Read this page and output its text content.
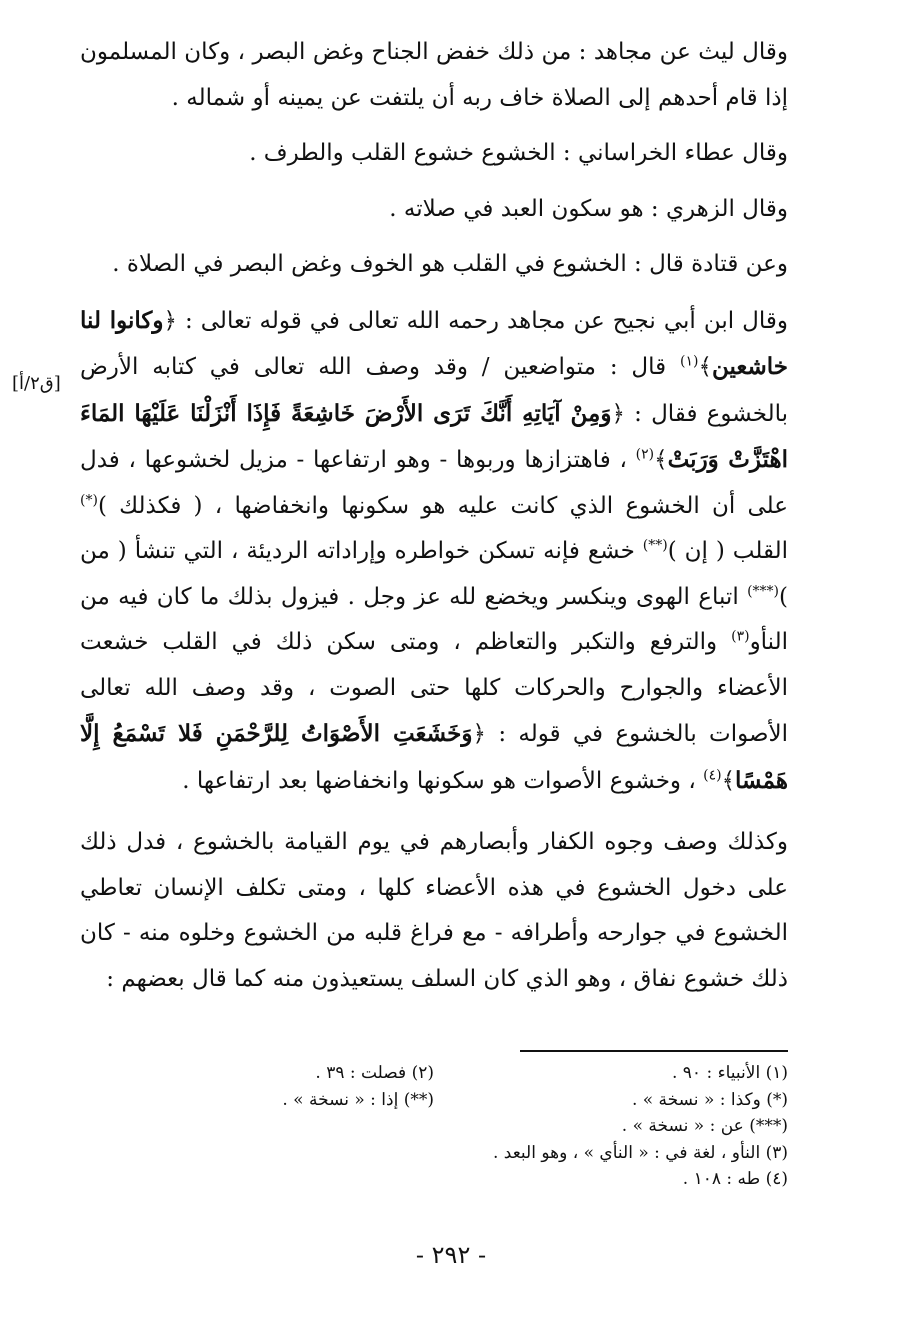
وقال ليث عن مجاهد : من ذلك خفض الجناح وغض البصر ، وكان المسلمون إذا قام أحدهم إلى الصلاة خاف ربه أن يلتفت عن يمينه أو شماله .

وقال عطاء الخراساني : الخشوع خشوع القلب والطرف .

وقال الزهري : هو سكون العبد في صلاته .

وعن قتادة قال : الخشوع في القلب هو الخوف وغض البصر في الصلاة .

وقال ابن أبي نجيح عن مجاهد رحمه الله تعالى في قوله تعالى : ﴿وكانوا لنا خاشعين﴾$^{(١)}$ قال : متواضعين / وقد وصف الله تعالى في كتابه الأرض بالخشوع فقال : ﴿وَمِنْ آيَاتِهِ أَنَّكَ تَرَى الأَرْضَ خَاشِعَةً فَإِذَا أَنْزَلْنَا عَلَيْهَا المَاءَ اهْتَزَّتْ وَرَبَتْ﴾$^{(٢)}$ ، فاهتزازها وربوها - وهو ارتفاعها - مزيل لخشوعها ، فدل على أن الخشوع الذي كانت عليه هو سكونها وانخفاضها ، ( فكذلك )(*) القلب ( إن )(**) خشع فإنه تسكن خواطره وإراداته الرديئة ، التي تنشأ ( من )(***) اتباع الهوى وينكسر ويخضع لله عز وجل . فيزول بذلك ما كان فيه من النأو$^{(٣)}$ والترفع والتكبر والتعاظم ، ومتى سكن ذلك في القلب خشعت الأعضاء والجوارح والحركات كلها حتى الصوت ، وقد وصف الله تعالى الأصوات بالخشوع في قوله : ﴿وَخَشَعَتِ الأَصْوَاتُ لِلرَّحْمَنِ فَلا تَسْمَعُ إِلَّا هَمْسًا﴾$^{(٤)}$ ، وخشوع الأصوات هو سكونها وانخفاضها بعد ارتفاعها .

وكذلك وصف وجوه الكفار وأبصارهم في يوم القيامة بالخشوع ، فدل ذلك على دخول الخشوع في هذه الأعضاء كلها ، ومتى تكلف الإنسان تعاطي الخشوع في جوارحه وأطرافه - مع فراغ قلبه من الخشوع وخلوه منه - كان ذلك خشوع نفاق ، وهو الذي كان السلف يستعيذون منه كما قال بعضهم :

[ق٢/أ]
(١) الأنبياء : ٩٠ .
(٢) فصلت : ٣٩ .
(*) وكذا : « نسخة » .
(**) إذا : « نسخة » .
(***) عن : « نسخة » .
(٣) النأو ، لغة في : « النأي » ، وهو البعد .
(٤) طه : ١٠٨ .
- ٢٩٢ -
